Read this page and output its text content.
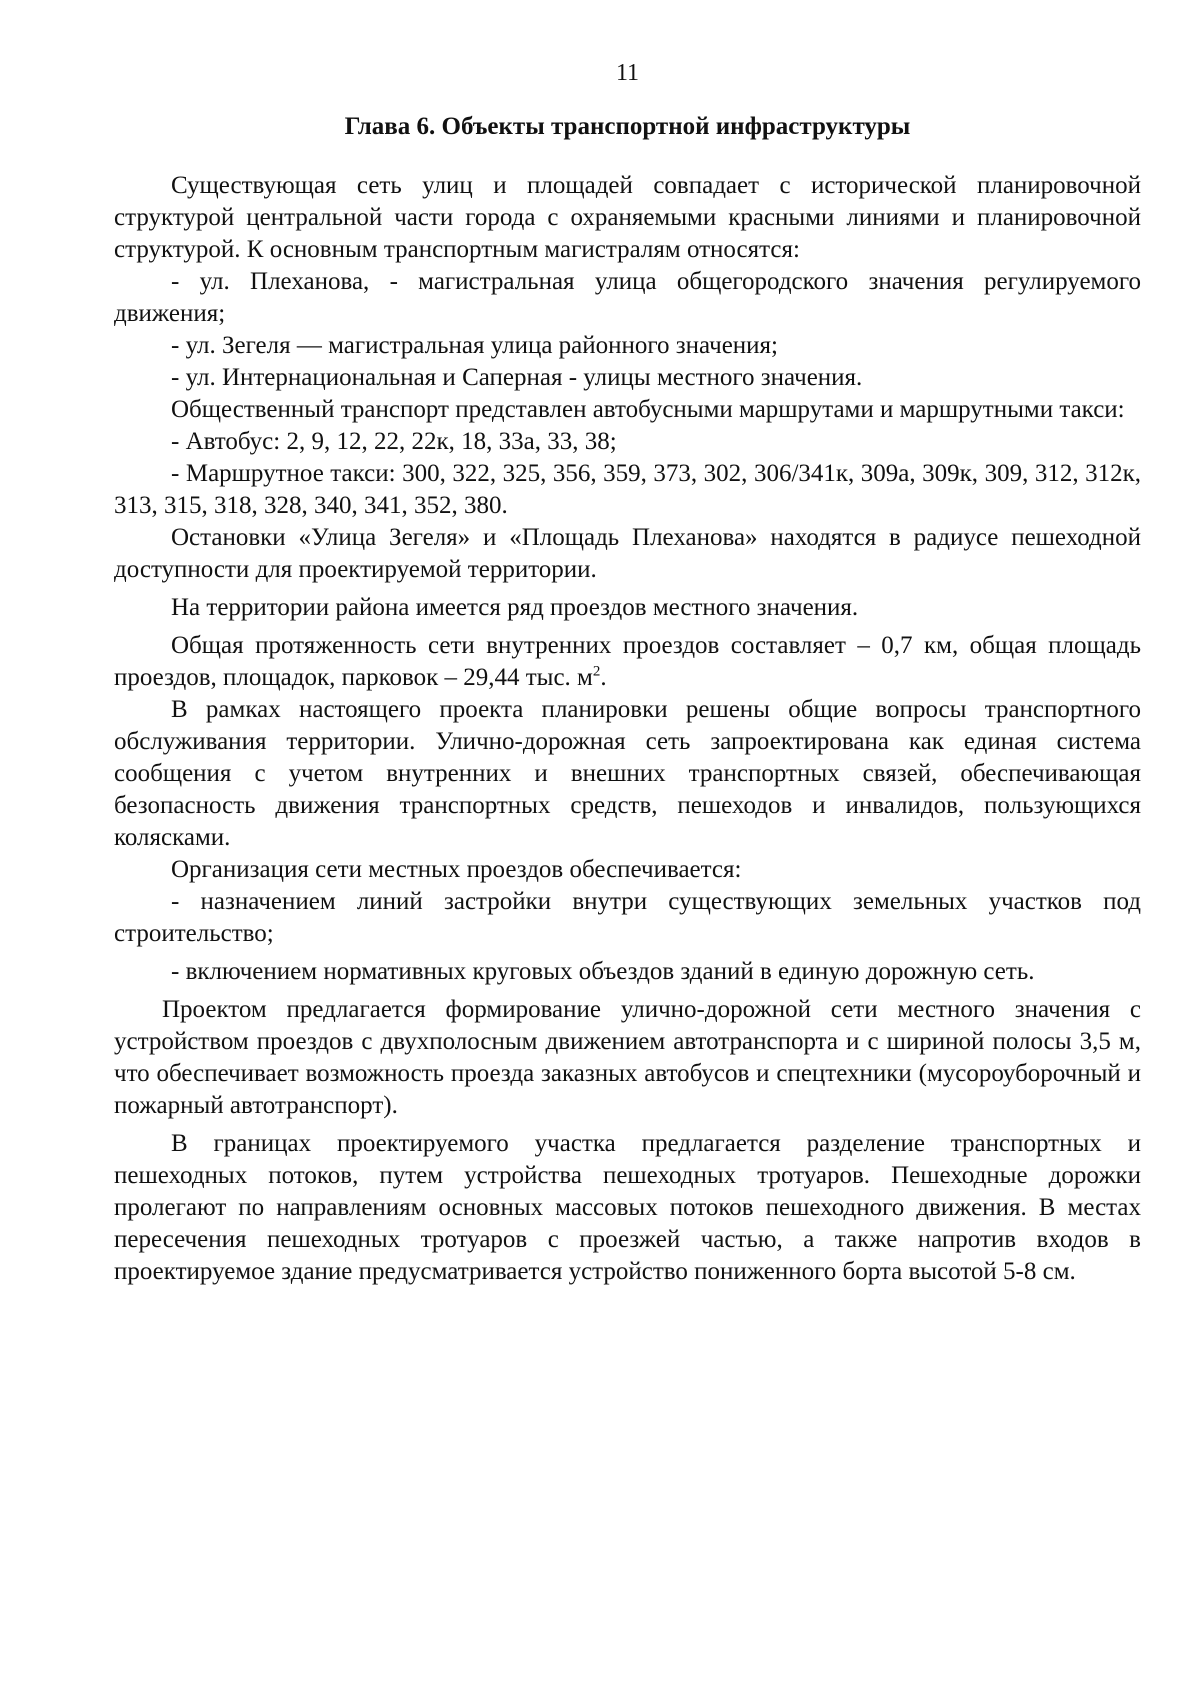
11
Глава 6. Объекты транспортной инфраструктуры

Существующая сеть улиц и площадей совпадает с исторической планировочной структурой центральной части города с охраняемыми красными линиями и планировочной структурой. К основным транспортным магистралям относятся:

- ул. Плеханова, - магистральная улица общегородского значения регулируемого движения;

- ул. Зегеля — магистральная улица районного значения;

- ул. Интернациональная и Саперная - улицы местного значения.

Общественный транспорт представлен автобусными маршрутами и маршрутными такси:

- Автобус: 2, 9, 12, 22, 22к, 18, 33а, 33, 38;

- Маршрутное такси: 300, 322, 325, 356, 359, 373, 302, 306/341к, 309а, 309к, 309, 312, 312к, 313, 315, 318, 328, 340, 341, 352, 380.

Остановки «Улица Зегеля» и «Площадь Плеханова» находятся в радиусе пешеходной доступности для проектируемой территории.

На территории района имеется ряд проездов местного значения.

Общая протяженность сети внутренних проездов составляет – 0,7 км, общая площадь проездов, площадок, парковок – 29,44 тыс. $м^2$.

В рамках настоящего проекта планировки решены общие вопросы транспортного обслуживания территории. Улично-дорожная сеть запроектирована как единая система сообщения с учетом внутренних и внешних транспортных связей, обеспечивающая безопасность движения транспортных средств, пешеходов и инвалидов, пользующихся колясками.

Организация сети местных проездов обеспечивается:

- назначением линий застройки внутри существующих земельных участков под строительство;

- включением нормативных круговых объездов зданий в единую дорожную сеть.

Проектом предлагается формирование улично-дорожной сети местного значения с устройством проездов с двухполосным движением автотранспорта и с шириной полосы 3,5 м, что обеспечивает возможность проезда заказных автобусов и спецтехники (мусороуборочный и пожарный автотранспорт).

В границах проектируемого участка предлагается разделение транспортных и пешеходных потоков, путем устройства пешеходных тротуаров. Пешеходные дорожки пролегают по направлениям основных массовых потоков пешеходного движения. В местах пересечения пешеходных тротуаров с проезжей частью, а также напротив входов в проектируемое здание предусматривается устройство пониженного борта высотой 5-8 см.
